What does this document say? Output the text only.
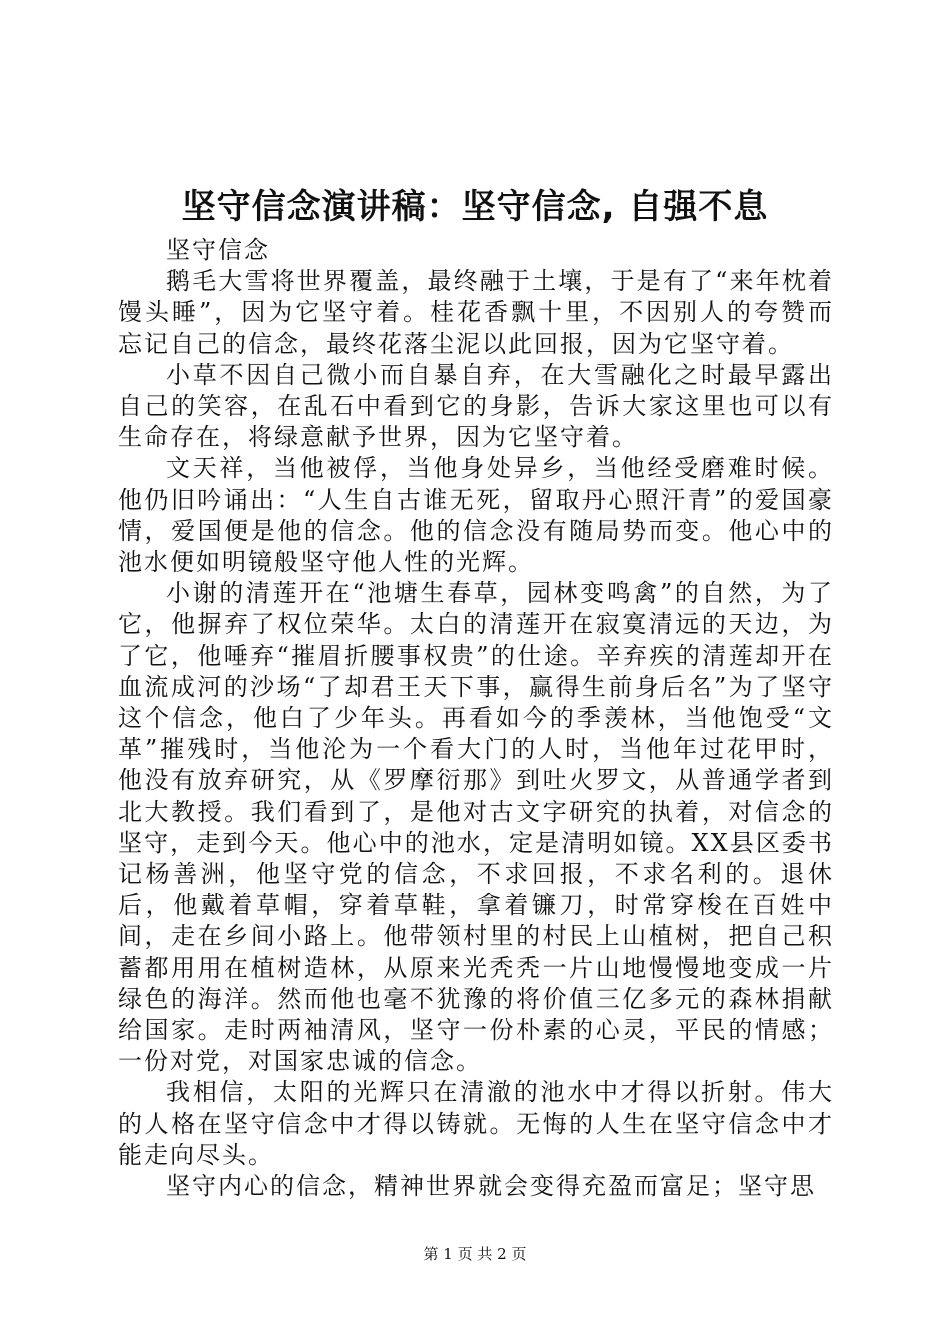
坚守信念演讲稿：坚守信念, 自强不息

坚守信念

鹅毛大雪将世界覆盖，最终融于土壤，于是有了“来年枕着馒头睡”，因为它坚守着。桂花香飘十里，不因别人的夸赞而忘记自己的信念，最终花落尘泥以此回报，因为它坚守着。

小草不因自己微小而自暴自弃，在大雪融化之时最早露出自己的笑容，在乱石中看到它的身影，告诉大家这里也可以有生命存在，将绿意献予世界，因为它坚守着。

文天祥，当他被俘，当他身处异乡，当他经受磨难时候。他仍旧吟诵出：“人生自古谁无死，留取丹心照汗青”的爱国豪情，爱国便是他的信念。他的信念没有随局势而变。他心中的池水便如明镜般坚守他人性的光辉。

小谢的清莲开在“池塘生春草，园林变鸣禽”的自然，为了它，他摒弃了权位荣华。太白的清莲开在寂寞清远的天边，为了它，他唾弃“摧眉折腰事权贵”的仕途。辛弃疾的清莲却开在血流成河的沙场“了却君王天下事，赢得生前身后名”为了坚守这个信念，他白了少年头。再看如今的季羡林，当他饱受“文革”摧残时，当他沦为一个看大门的人时，当他年过花甲时，他没有放弃研究，从《罗摩衍那》到吐火罗文，从普通学者到北大教授。我们看到了，是他对古文字研究的执着，对信念的坚守，走到今天。他心中的池水，定是清明如镜。XX县区委书记杨善洲，他坚守党的信念，不求回报，不求名利的。退休后，他戴着草帽，穿着草鞋，拿着镰刀，时常穿梭在百姓中间，走在乡间小路上。他带领村里的村民上山植树，把自己积蓄都用用在植树造林，从原来光秃秃一片山地慢慢地变成一片绿色的海洋。然而他也毫不犹豫的将价值三亿多元的森林捐献给国家。走时两袖清风，坚守一份朴素的心灵，平民的情感；一份对党，对国家忠诚的信念。

我相信，太阳的光辉只在清澈的池水中才得以折射。伟大的人格在坚守信念中才得以铸就。无悔的人生在坚守信念中才能走向尽头。

坚守内心的信念，精神世界就会变得充盈而富足；坚守思

第 1 页 共 2 页
